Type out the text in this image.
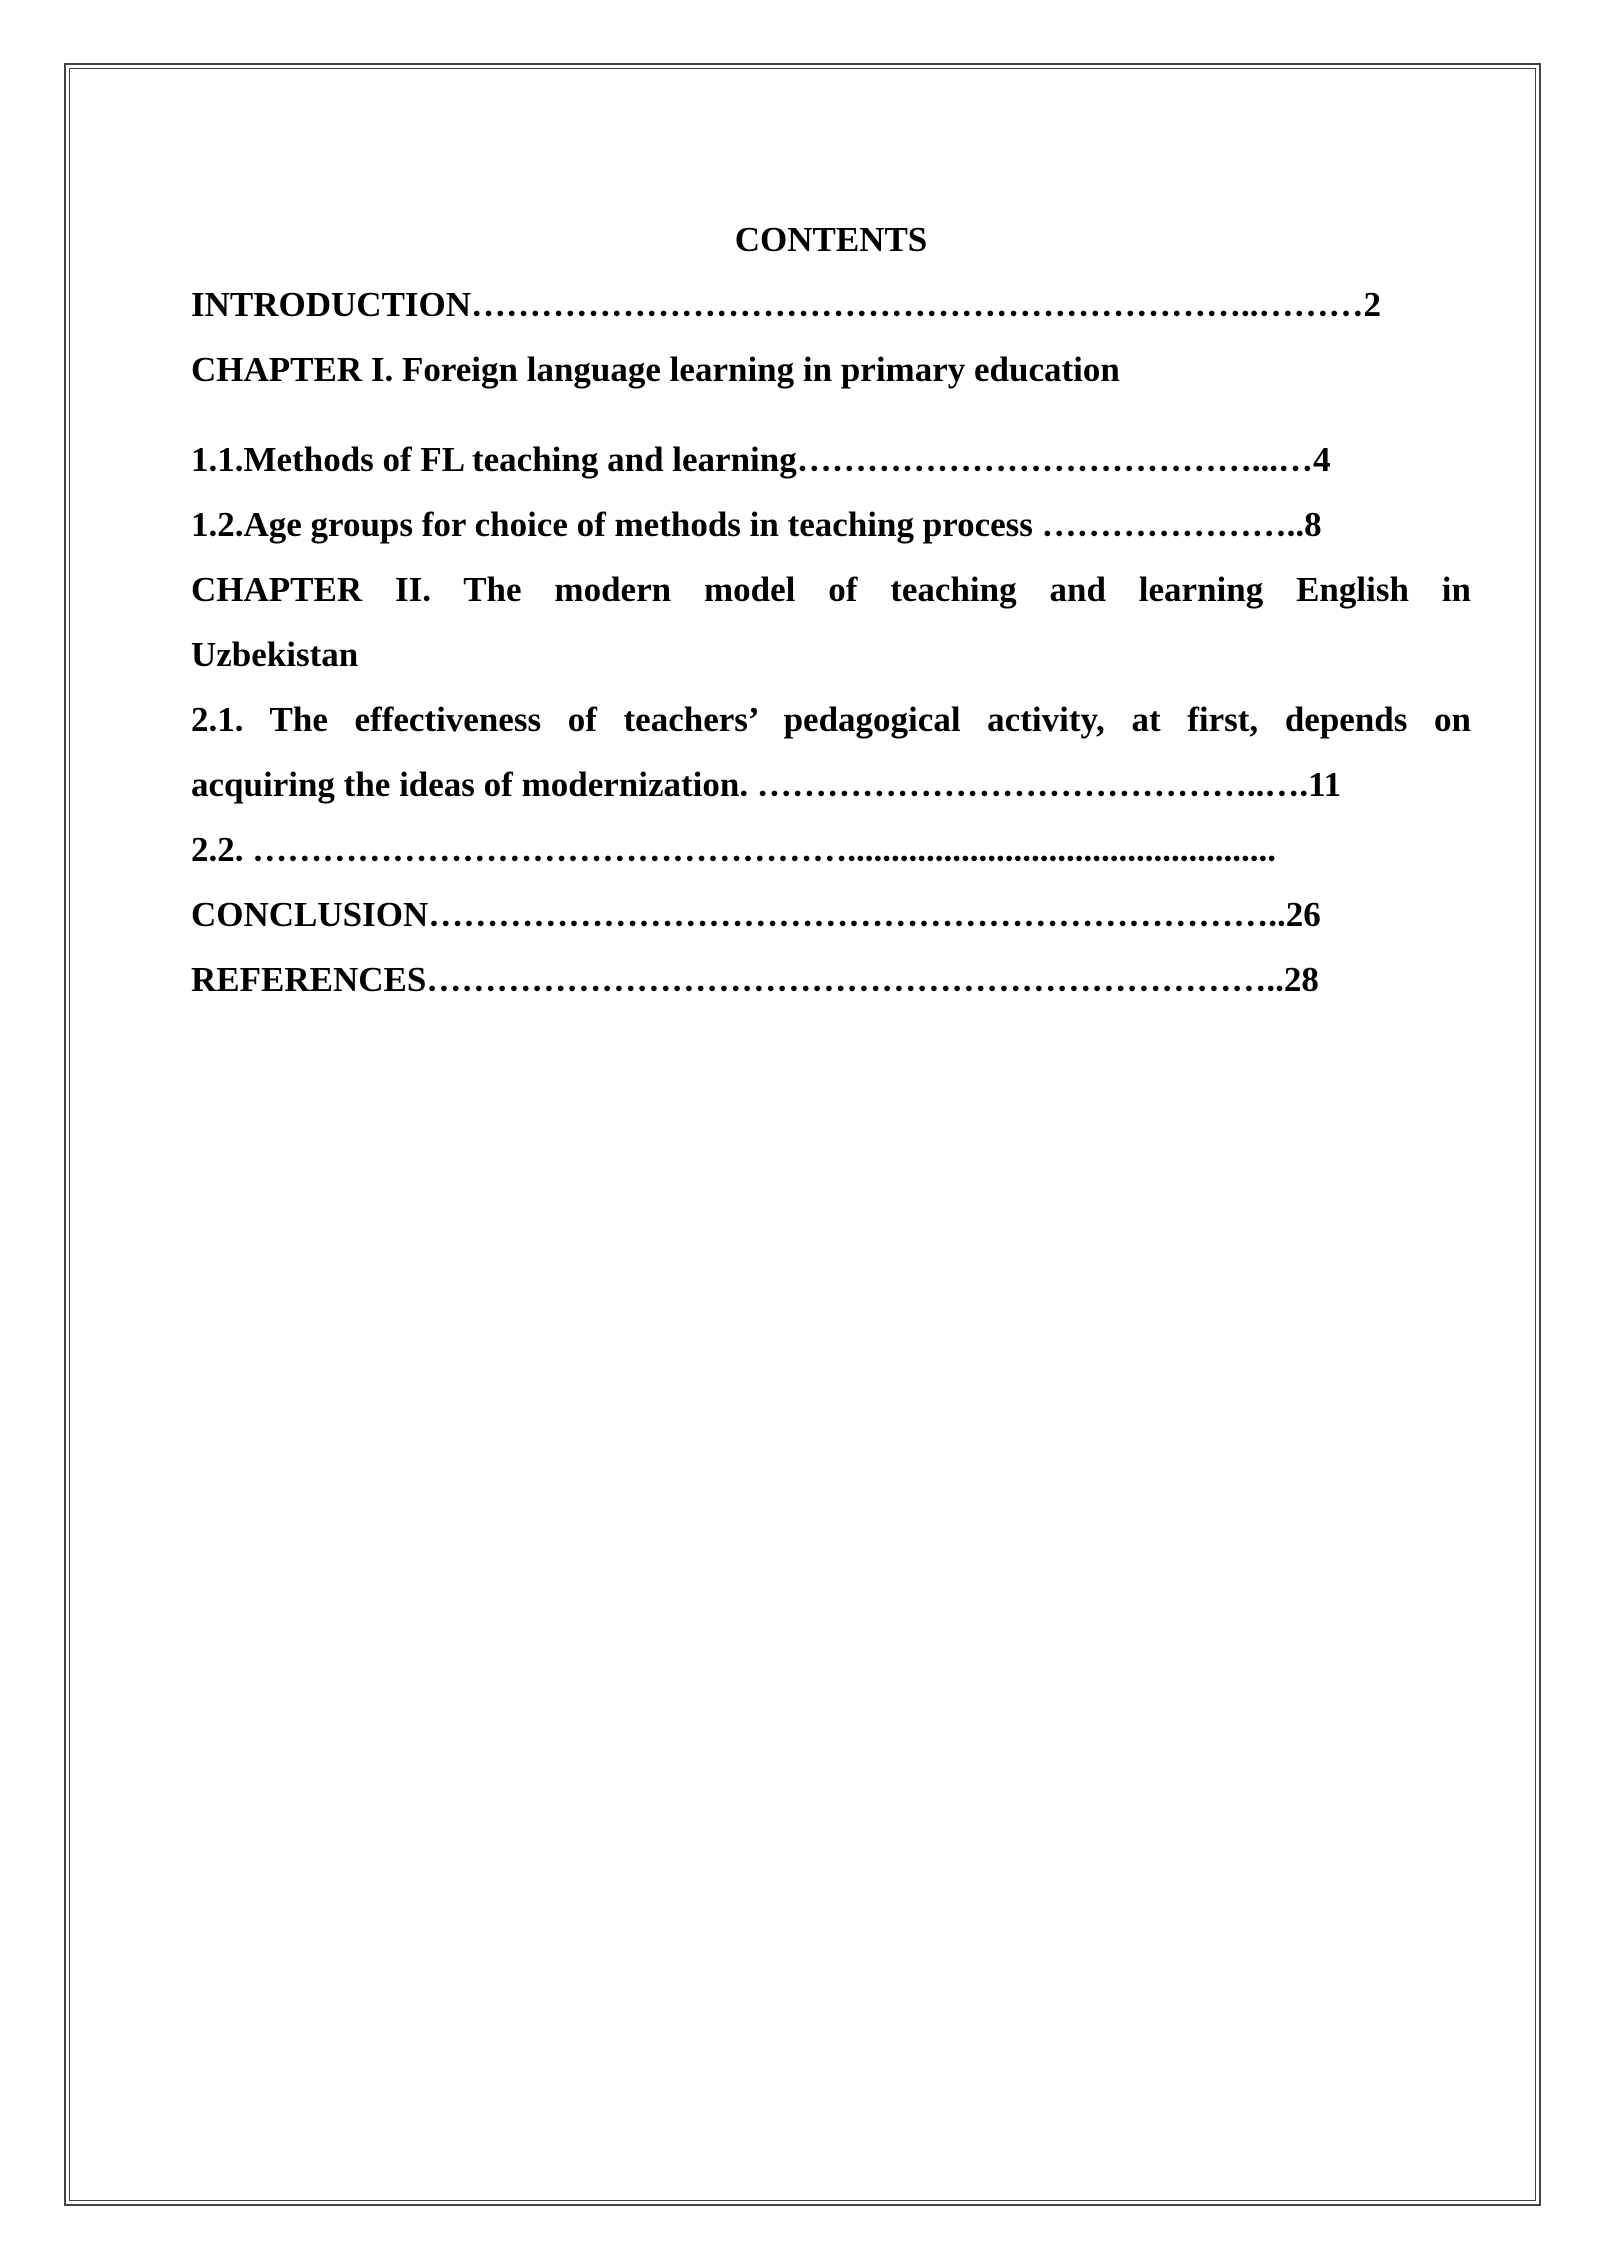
CONTENTS
INTRODUCTION…………………………………………………………..………2
CHAPTER I. Foreign language learning in primary education
1.1.Methods of FL teaching and learning…………………………………...…4
1.2.Age groups for choice of methods in teaching process …………………..8
CHAPTER II. The modern model of teaching and learning English in
Uzbekistan
2.1. The effectiveness of teachers’ pedagogical activity, at first, depends on
acquiring the ideas of modernization. ……………………………………..….11
2.2. …………………………………………….................................................
CONCLUSION………………………………………………………………..26
REFERENCES………………………………………………………………..28
